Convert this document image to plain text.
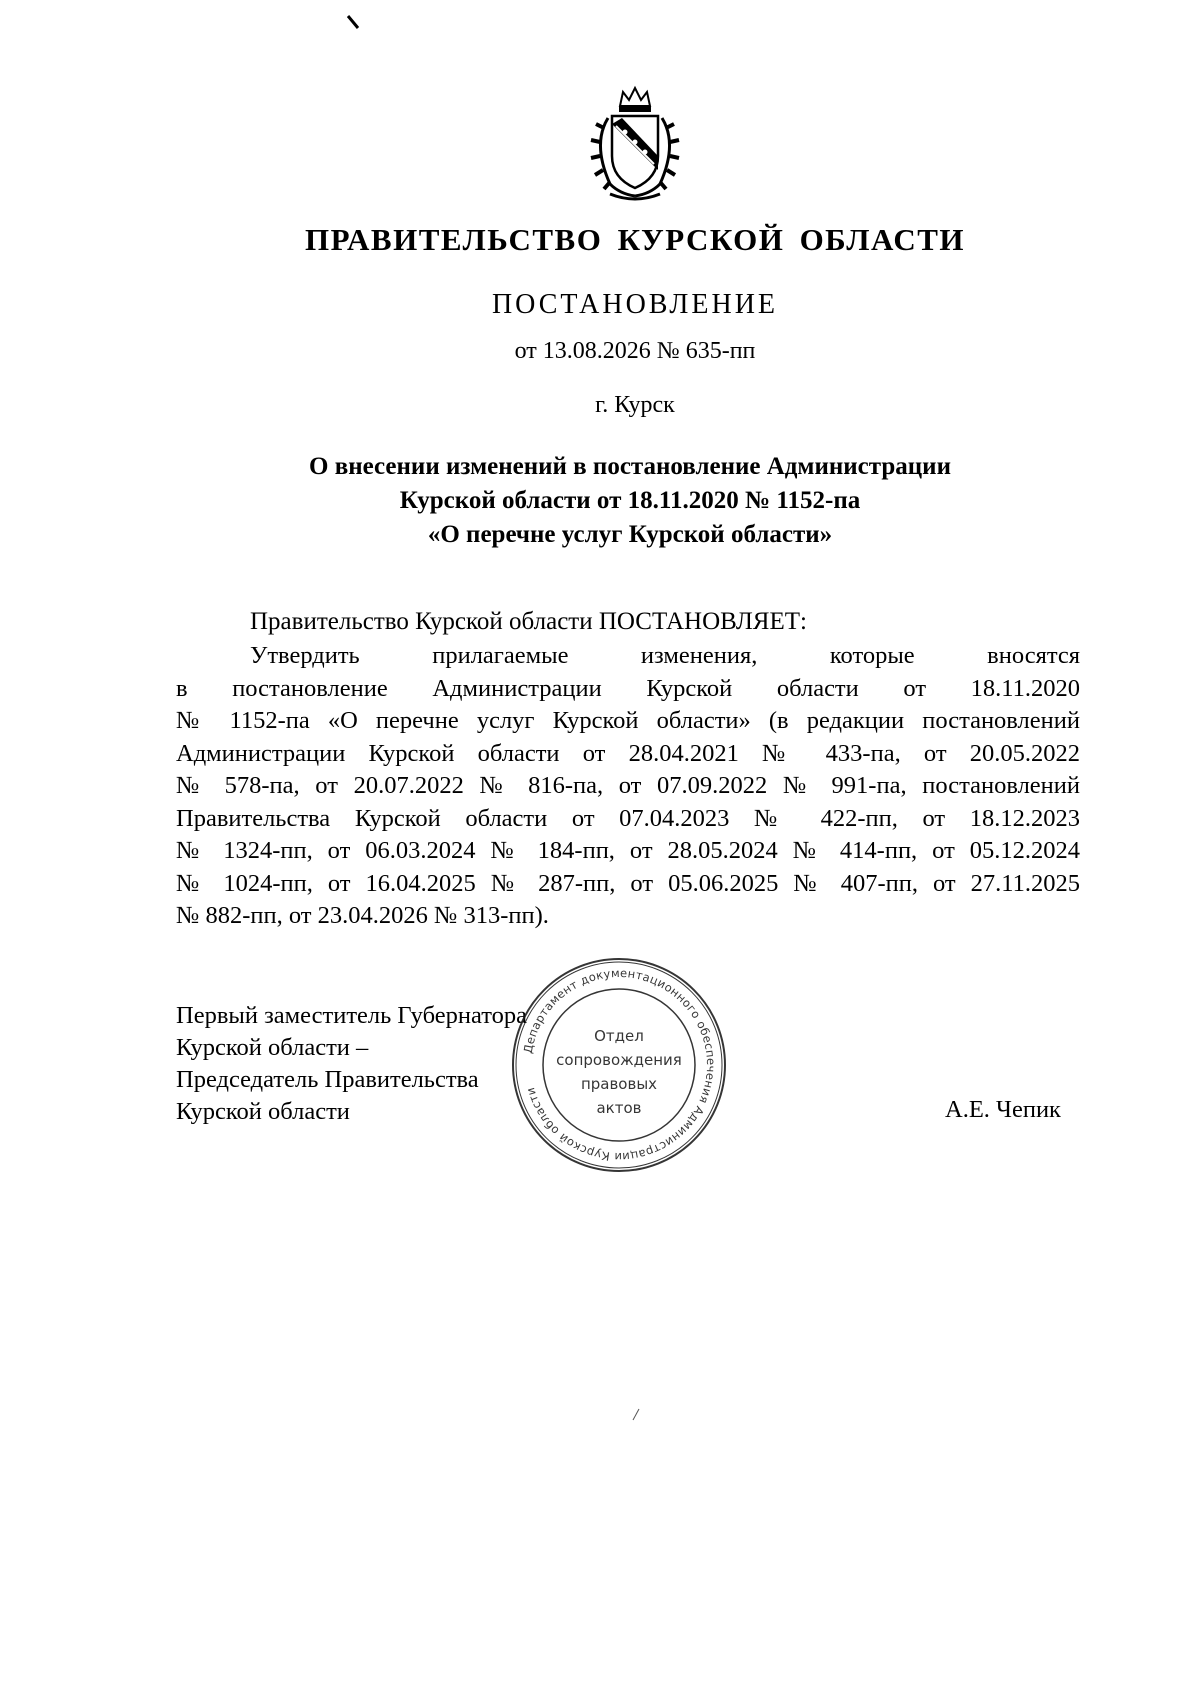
ПРАВИТЕЛЬСТВО КУРСКОЙ ОБЛАСТИ
ПОСТАНОВЛЕНИЕ
от 13.08.2026 № 635-пп
г. Курск
О внесении изменений в постановление Администрации
Курской области от 18.11.2020 № 1152-па
«О перечне услуг Курской области»
Правительство Курской области ПОСТАНОВЛЯЕТ:
Утвердить прилагаемые изменения, которые вносятся
в постановление Администрации Курской области от 18.11.2020
№ 1152-па «О перечне услуг Курской области» (в редакции постановлений
Администрации Курской области от 28.04.2021 № 433-па, от 20.05.2022
№ 578-па, от 20.07.2022 № 816-па, от 07.09.2022 № 991-па, постановлений
Правительства Курской области от 07.04.2023 № 422-пп, от 18.12.2023
№ 1324-пп, от 06.03.2024 № 184-пп, от 28.05.2024 № 414-пп, от 05.12.2024
№ 1024-пп, от 16.04.2025 № 287-пп, от 05.06.2025 № 407-пп, от 27.11.2025
№ 882-пп, от 23.04.2026 № 313-пп).
Первый заместитель Губернатора
Курской области –
Председатель Правительства
Курской области	А.Е. Чепик
Департамент документационного обеспечения Администрации Курской области
Отдел
сопровождения
правовых
актов
